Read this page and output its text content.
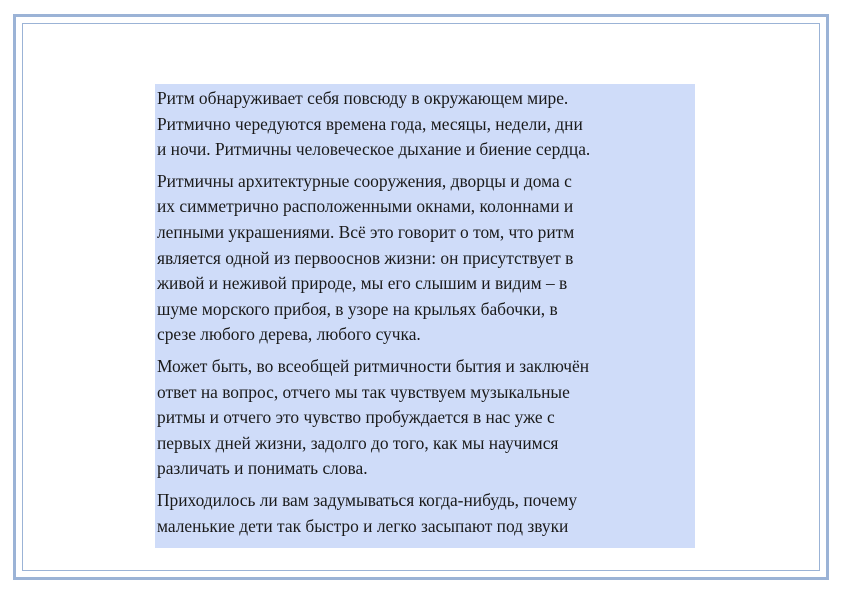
Ритм обнаруживает себя повсюду в окружающем мире.
Ритмично чередуются времена года, месяцы, недели, дни
и ночи. Ритмичны человеческое дыхание и биение сердца.

Ритмичны архитектурные сооружения, дворцы и дома с
их симметрично расположенными окнами, колоннами и
лепными украшениями. Всё это говорит о том, что ритм
является одной из первооснов жизни: он присутствует в
живой и неживой природе, мы его слышим и видим – в
шуме морского прибоя, в узоре на крыльях бабочки, в
срезе любого дерева, любого сучка.

Может быть, во всеобщей ритмичности бытия и заключён
ответ на вопрос, отчего мы так чувствуем музыкальные
ритмы и отчего это чувство пробуждается в нас уже с
первых дней жизни, задолго до того, как мы научимся
различать и понимать слова.

Приходилось ли вам задумываться когда-нибудь, почему
маленькие дети так быстро и легко засыпают под звуки
